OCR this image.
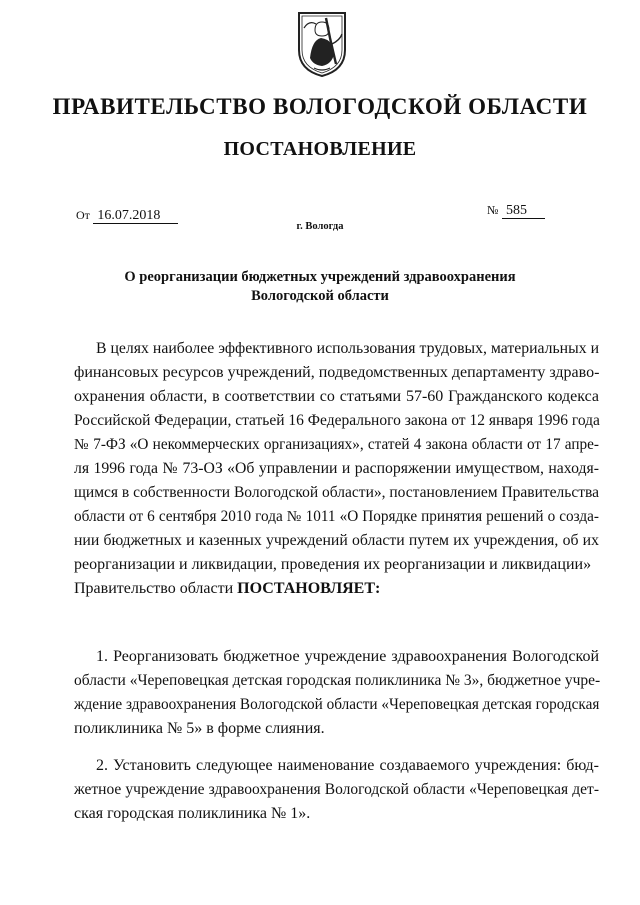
ПРАВИТЕЛЬСТВО ВОЛОГОДСКОЙ ОБЛАСТИ
ПОСТАНОВЛЕНИЕ
От 16.07.2018	№ 585
г. Вологда
О реорганизации бюджетных учреждений здравоохранения
Вологодской области
В целях наиболее эффективного использования трудовых, материальных и
финансовых ресурсов учреждений, подведомственных департаменту здраво-
охранения области, в соответствии со статьями 57-60 Гражданского кодекса
Российской Федерации, статьей 16 Федерального закона от 12 января 1996 года
№ 7-ФЗ «О некоммерческих организациях», статей 4 закона области от 17 апре-
ля 1996 года № 73-ОЗ «Об управлении и распоряжении имуществом, находя-
щимся в собственности Вологодской области», постановлением Правительства
области от 6 сентября 2010 года № 1011 «О Порядке принятия решений о созда-
нии бюджетных и казенных учреждений области путем их учреждения, об их
реорганизации и ликвидации, проведения их реорганизации и ликвидации»
Правительство области ПОСТАНОВЛЯЕТ:
1. Реорганизовать бюджетное учреждение здравоохранения Вологодской
области «Череповецкая детская городская поликлиника № 3», бюджетное учре-
ждение здравоохранения Вологодской области «Череповецкая детская городская
поликлиника № 5» в форме слияния.
2. Установить следующее наименование создаваемого учреждения: бюд-
жетное учреждение здравоохранения Вологодской области «Череповецкая дет-
ская городская поликлиника № 1».
